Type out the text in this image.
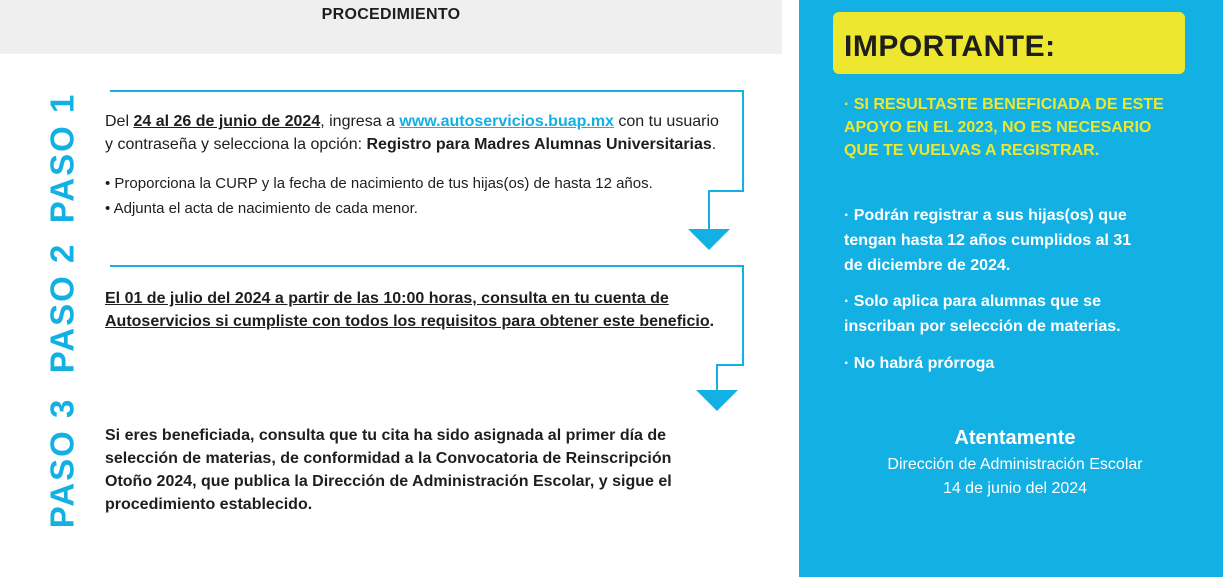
PROCEDIMIENTO
PASO 1
PASO 2
PASO 3
Del 24 al 26 de junio de 2024, ingresa a www.autoservicios.buap.mx con tu usuario
y contraseña y selecciona la opción: Registro para Madres Alumnas Universitarias.
• Proporciona la CURP y la fecha de nacimiento de tus hijas(os) de hasta 12 años.
• Adjunta el acta de nacimiento de cada menor.
El 01 de julio del 2024 a partir de las 10:00 horas, consulta en tu cuenta de
Autoservicios si cumpliste con todos los requisitos para obtener este beneficio.
Si eres beneficiada, consulta que tu cita ha sido asignada al primer día de
selección de materias, de conformidad a la Convocatoria de Reinscripción
Otoño 2024, que publica la Dirección de Administración Escolar, y sigue el
procedimiento establecido.
IMPORTANTE:
· SI RESULTASTE BENEFICIADA DE ESTE
APOYO EN EL 2023, NO ES NECESARIO
QUE TE VUELVAS A REGISTRAR.
· Podrán registrar a sus hijas(os) que
tengan hasta 12 años cumplidos al 31
de diciembre de 2024.
· Solo aplica para alumnas que se
inscriban por selección de materias.
· No habrá prórroga
Atentamente
Dirección de Administración Escolar
14 de junio del 2024
